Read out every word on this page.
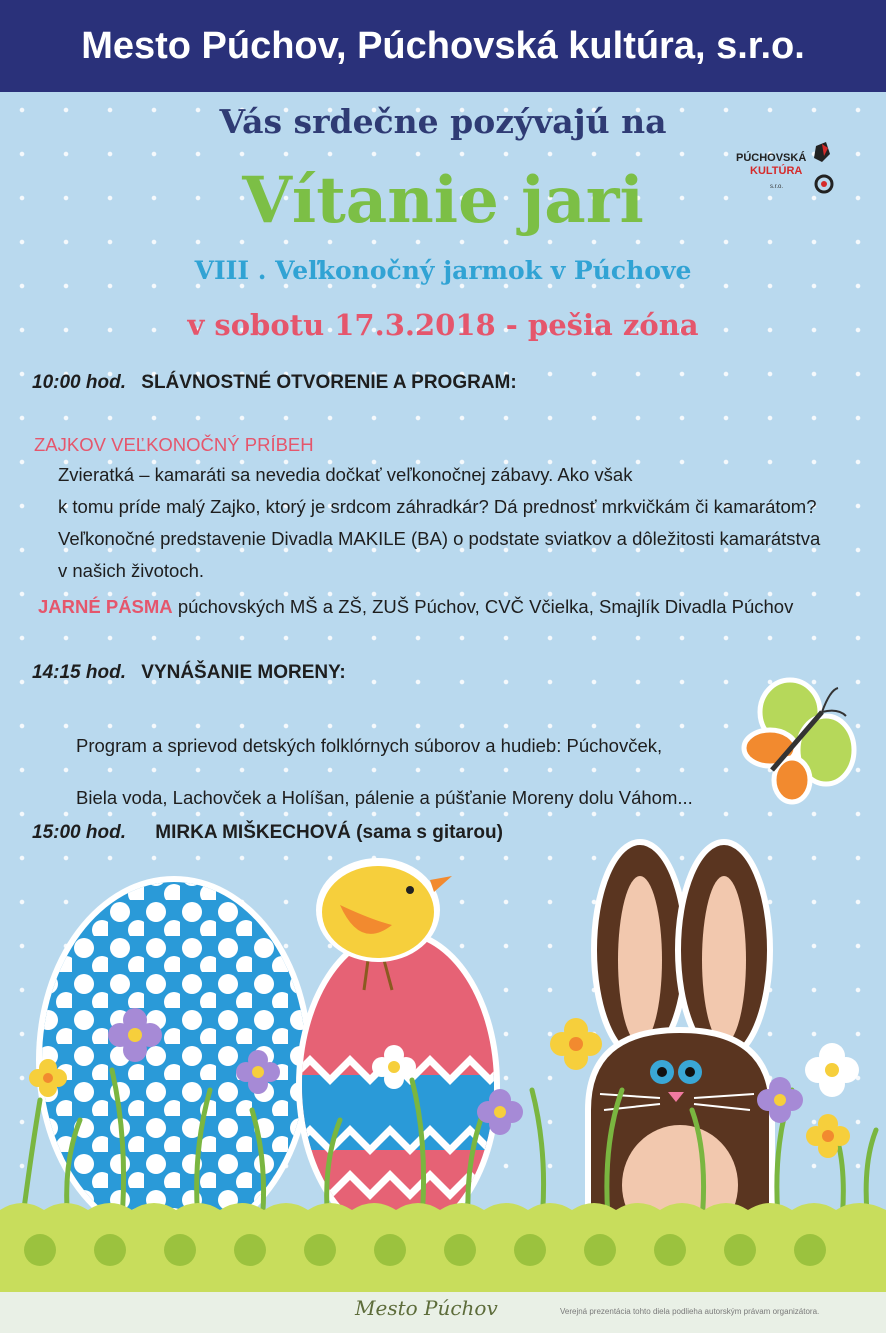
Mesto Púchov, Púchovská kultúra, s.r.o.
Vás srdečne pozývajú na
PÚCHOVSKÁ
KULTÚRA
s.r.o.
Vítanie jari
VIII . Veľkonočný jarmok v Púchove
v sobotu 17.3.2018 - pešia zóna
10:00 hod. SLÁVNOSTNÉ OTVORENIE A PROGRAM:
ZAJKOV VEĽKONOČNÝ PRÍBEH
Zvieratká – kamaráti sa nevedia dočkať veľkonočnej zábavy. Ako však
k tomu príde malý Zajko, ktorý je srdcom záhradkár? Dá prednosť mrkvičkám či kamarátom?
Veľkonočné predstavenie Divadla MAKILE (BA) o podstate sviatkov a dôležitosti kamarátstva
v našich životoch.
JARNÉ PÁSMA púchovských MŠ a ZŠ, ZUŠ Púchov, CVČ Včielka, Smajlík Divadla Púchov
14:15 hod. VYNÁŠANIE MORENY:
Program a sprievod detských folklórnych súborov a hudieb: Púchovček,
Biela voda, Lachovček a Holíšan, pálenie a púšťanie Moreny dolu Váhom...
15:00 hod. MIRKA MIŠKECHOVÁ (sama s gitarou)
Mesto Púchov	Verejná prezentácia tohto diela podlieha autorským právam organizátora.
